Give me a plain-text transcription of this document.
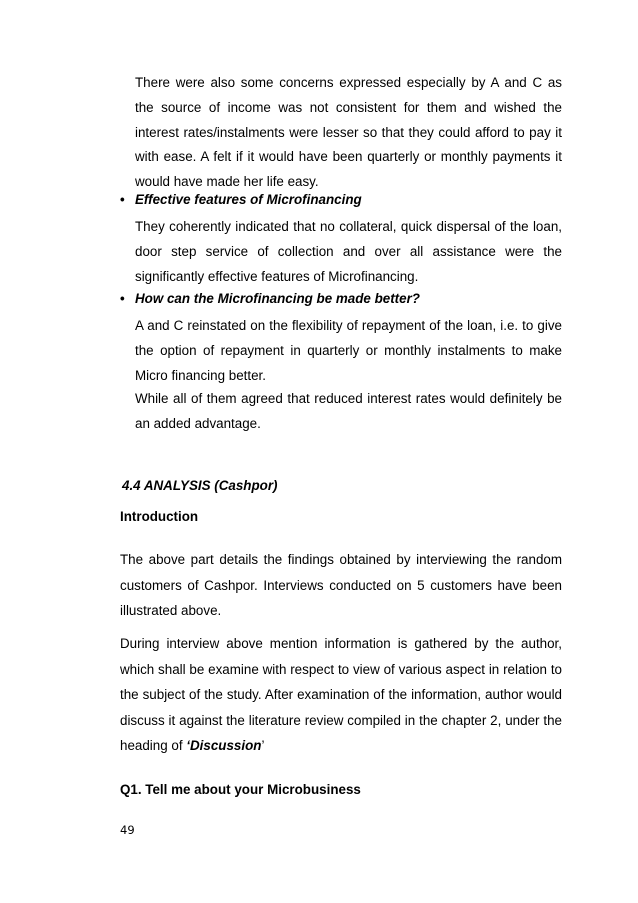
There were also some concerns expressed especially by A and C as the source of income was not consistent for them and wished the interest rates/instalments were lesser so that they could afford to pay it with ease. A felt if it would have been quarterly or monthly payments it would have made her life easy.

• Effective features of Microfinancing

They coherently indicated that no collateral, quick dispersal of the loan, door step service of collection and over all assistance were the significantly effective features of Microfinancing.

• How can the Microfinancing be made better?

A and C reinstated on the flexibility of repayment of the loan, i.e. to give the option of repayment in quarterly or monthly instalments to make Micro financing better.

While all of them agreed that reduced interest rates would definitely be an added advantage.

4.4 ANALYSIS (Cashpor)

Introduction

The above part details the findings obtained by interviewing the random customers of Cashpor. Interviews conducted on 5 customers have been illustrated above.

During interview above mention information is gathered by the author, which shall be examine with respect to view of various aspect in relation to the subject of the study. After examination of the information, author would discuss it against the literature review compiled in the chapter 2, under the heading of ‘Discussion’

Q1. Tell me about your Microbusiness

49
